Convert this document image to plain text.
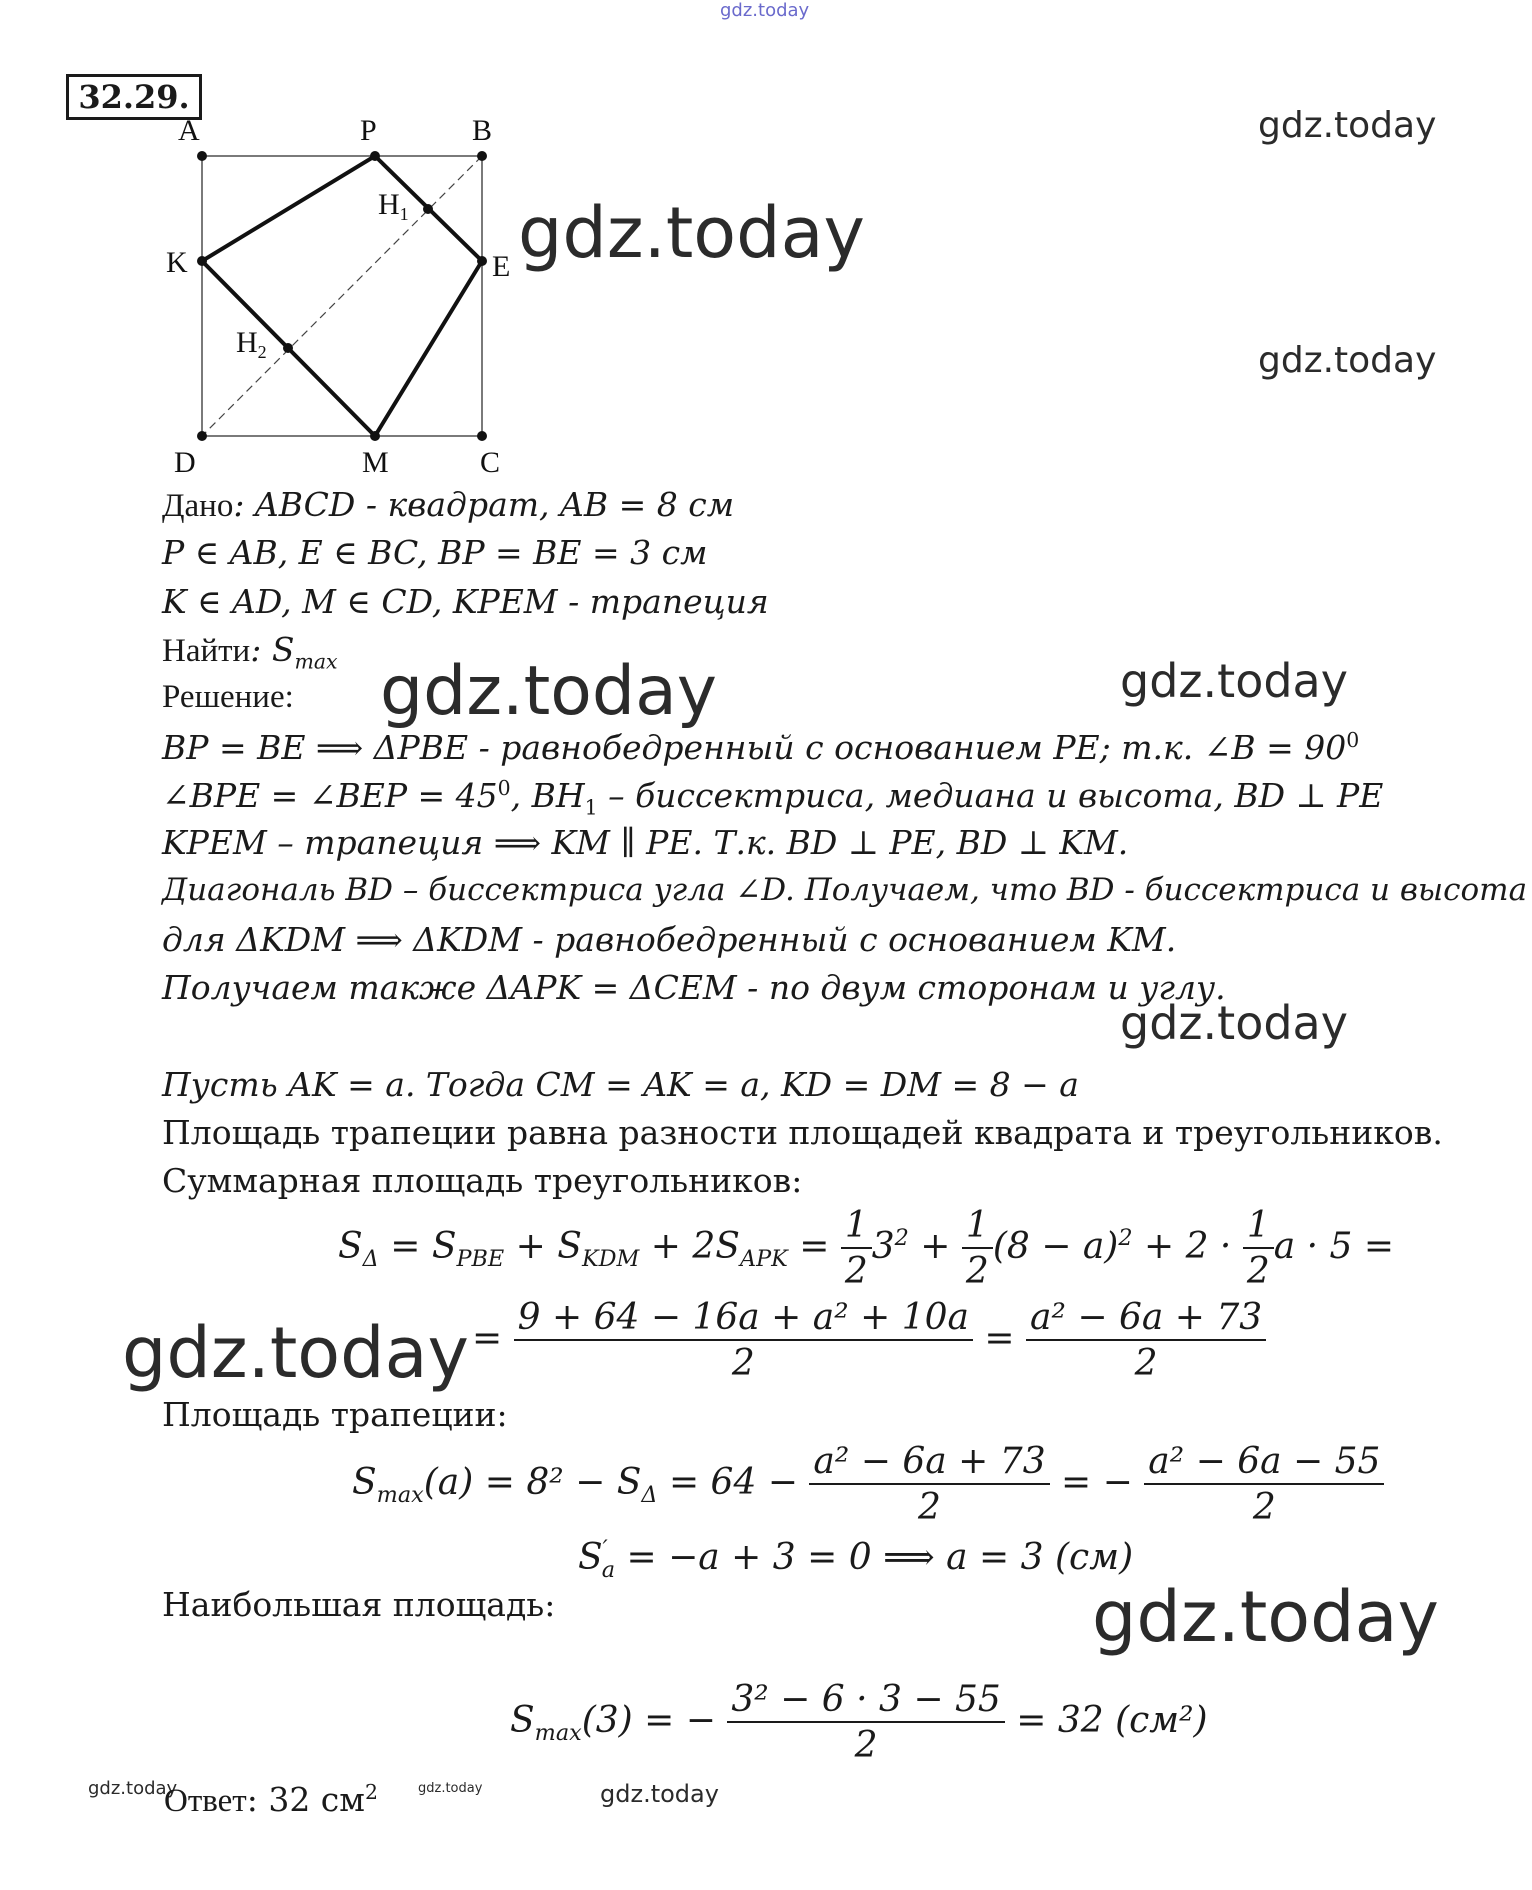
gdz.today
gdz.today
gdz.today
gdz.today
gdz.today	gdz.today
gdz.today
gdz.today
gdz.today
gdz.today	gdz.today	gdz.today
32.29.
A	P	B
K	E
D	M	C
$H_1$
$H_2$
Дано: ABCD - квадрат, AB = 8 см
P ∈ AB, E ∈ BC, BP = BE = 3 см
K ∈ AD, M ∈ CD, KPEM - трапеция
Найти: $S_{max}$
Решение:
BP = BE ⟹ ΔPBE - равнобедренный с основанием PE; т.к. ∠B = $90^0$
∠BPE = ∠BEP = $45^0$, $BH_1$ – биссектриса, медиана и высота, BD ⊥ PE
KPEM – трапеция ⟹ KM ∥ PE. Т.к. BD ⊥ PE, BD ⊥ KM.
Диагональ BD – биссектриса угла ∠D. Получаем, что BD - биссектриса и высота
для ΔKDM ⟹ ΔKDM - равнобедренный с основанием KM.
Получаем также ΔAPK = ΔCEM - по двум сторонам и углу.
Пусть AK = a. Тогда CM = AK = a, KD = DM = 8 − a
Площадь трапеции равна разности площадей квадрата и треугольников.
Суммарная площадь треугольников:
$S_\Delta = S_{PBE} + S_{KDM} + 2S_{APK} = \frac{1}{2} 3^2 + \frac{1}{2} (8 - a)^2 + 2 \cdot \frac{1}{2}$ a · 5 =
= $\frac{\text{9 + 64 − 16a + a² + 10a}}{2} = \frac{\text{a² − 6a + 73}}{2}$
Площадь трапеции:
$S_{max}(a) = 8^2 - S_\Delta = 64 - \frac{\text{a² − 6a + 73}}{2}$ = − $\frac{\text{a² − 6a − 55}}{2}$
$S'_a = -a + 3 = 0$ ⟹ a = 3 (см)
Наибольшая площадь:
$S_{max}(3)$ = − $\frac{\text{3² − 6 · 3 − 55}}{2} = 32$ (см²)
Ответ: 32 $см^2$
